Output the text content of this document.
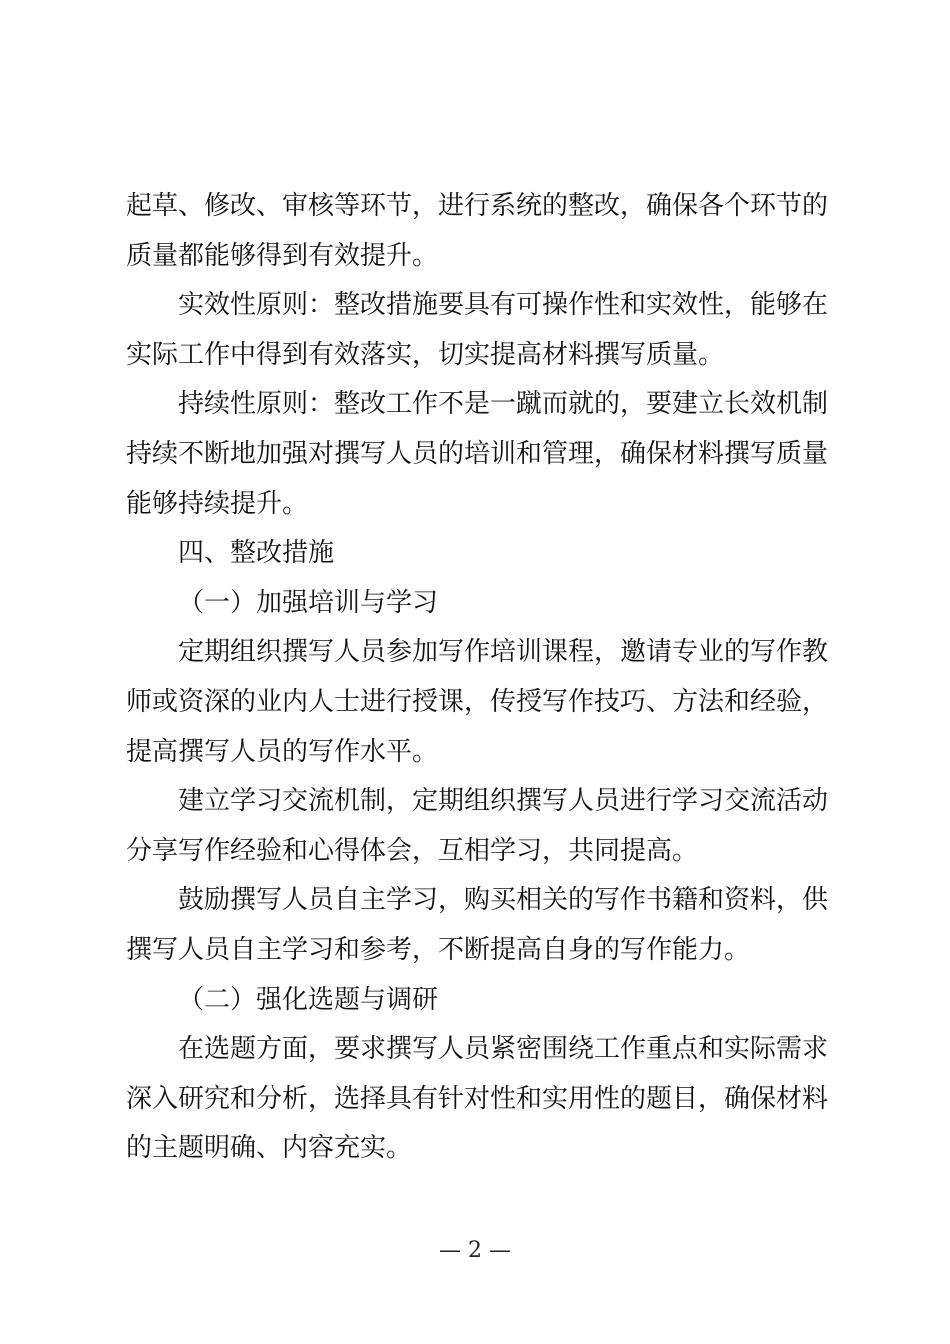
起草、修改、审核等环节，进行系统的整改，确保各个环节的
质量都能够得到有效提升。
实效性原则：整改措施要具有可操作性和实效性，能够在
实际工作中得到有效落实，切实提高材料撰写质量。
持续性原则：整改工作不是一蹴而就的，要建立长效机制
持续不断地加强对撰写人员的培训和管理，确保材料撰写质量
能够持续提升。
四、整改措施
（一）加强培训与学习
定期组织撰写人员参加写作培训课程，邀请专业的写作教
师或资深的业内人士进行授课，传授写作技巧、方法和经验，
提高撰写人员的写作水平。
建立学习交流机制，定期组织撰写人员进行学习交流活动
分享写作经验和心得体会，互相学习，共同提高。
鼓励撰写人员自主学习，购买相关的写作书籍和资料，供
撰写人员自主学习和参考，不断提高自身的写作能力。
（二）强化选题与调研
在选题方面，要求撰写人员紧密围绕工作重点和实际需求
深入研究和分析，选择具有针对性和实用性的题目，确保材料
的主题明确、内容充实。
— 2 —
